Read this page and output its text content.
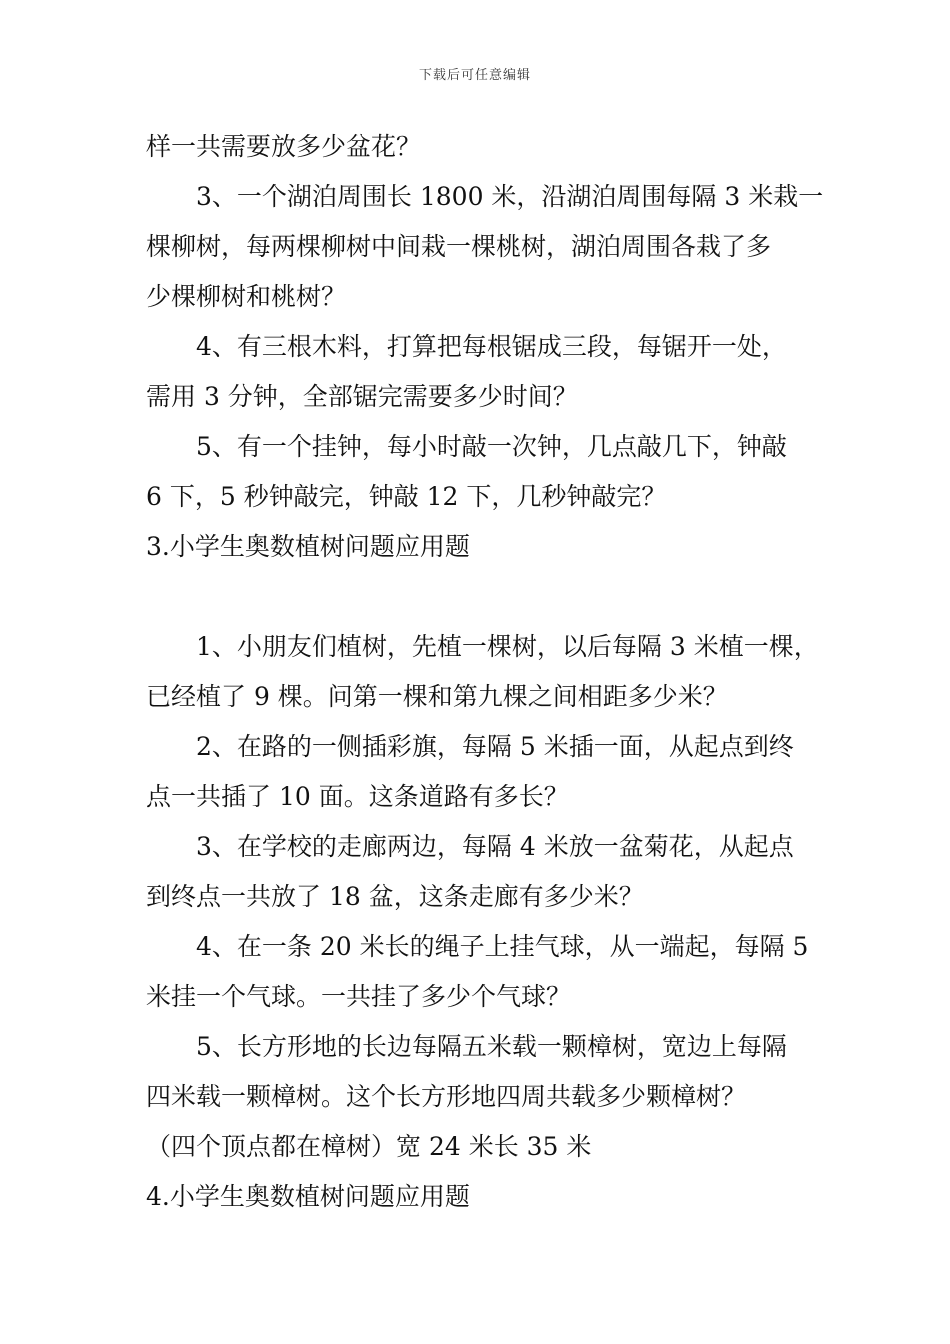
下载后可任意编辑
样一共需要放多少盆花？
3、一个湖泊周围长 1800 米，沿湖泊周围每隔 3 米栽一
棵柳树，每两棵柳树中间栽一棵桃树，湖泊周围各栽了多
少棵柳树和桃树？
4、有三根木料，打算把每根锯成三段，每锯开一处，
需用 3 分钟，全部锯完需要多少时间？
5、有一个挂钟，每小时敲一次钟，几点敲几下，钟敲
6 下，5 秒钟敲完，钟敲 12 下，几秒钟敲完？
3.小学生奥数植树问题应用题
1、小朋友们植树，先植一棵树，以后每隔 3 米植一棵，
已经植了 9 棵。问第一棵和第九棵之间相距多少米？
2、在路的一侧插彩旗，每隔 5 米插一面，从起点到终
点一共插了 10 面。这条道路有多长？
3、在学校的走廊两边，每隔 4 米放一盆菊花，从起点
到终点一共放了 18 盆，这条走廊有多少米？
4、在一条 20 米长的绳子上挂气球，从一端起，每隔 5
米挂一个气球。一共挂了多少个气球？
5、长方形地的长边每隔五米载一颗樟树，宽边上每隔
四米载一颗樟树。这个长方形地四周共载多少颗樟树？
（四个顶点都在樟树）宽 24 米长 35 米
4.小学生奥数植树问题应用题
